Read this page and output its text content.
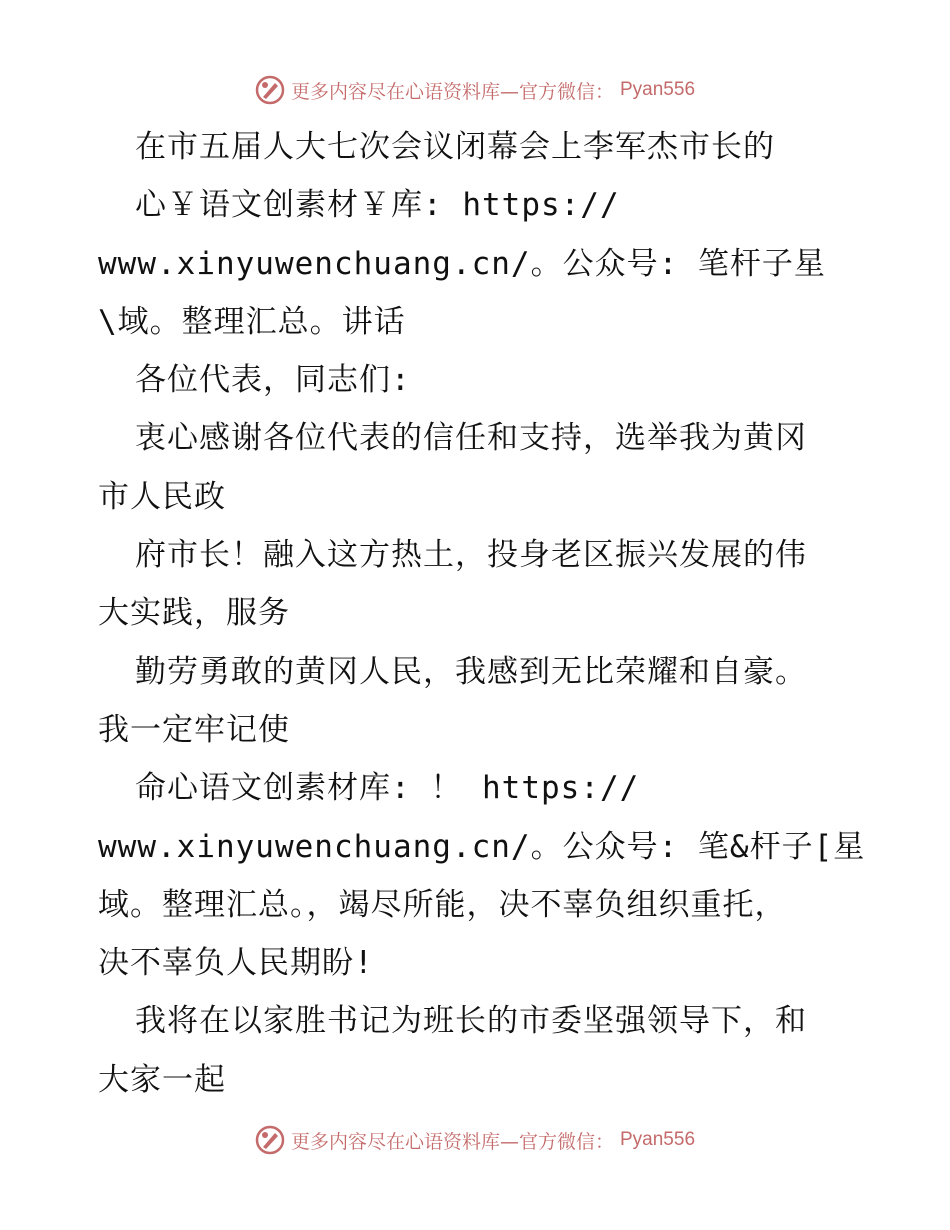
更多内容尽在心语资料库—官方微信： Pyan556
在市五届人大七次会议闭幕会上李军杰市长的
心￥语文创素材￥库: https://
www.xinyuwenchuang.cn/。公众号: 笔杆子星
\域。整理汇总。讲话
各位代表，同志们:
衷心感谢各位代表的信任和支持，选举我为黄冈
市人民政
府市长！融入这方热土，投身老区振兴发展的伟
大实践，服务
勤劳勇敢的黄冈人民，我感到无比荣耀和自豪。
我一定牢记使
命心语文创素材库: ！ https://
www.xinyuwenchuang.cn/。公众号: 笔&杆子[星
域。整理汇总。，竭尽所能，决不辜负组织重托，
决不辜负人民期盼!
我将在以家胜书记为班长的市委坚强领导下，和
大家一起
更多内容尽在心语资料库—官方微信： Pyan556
